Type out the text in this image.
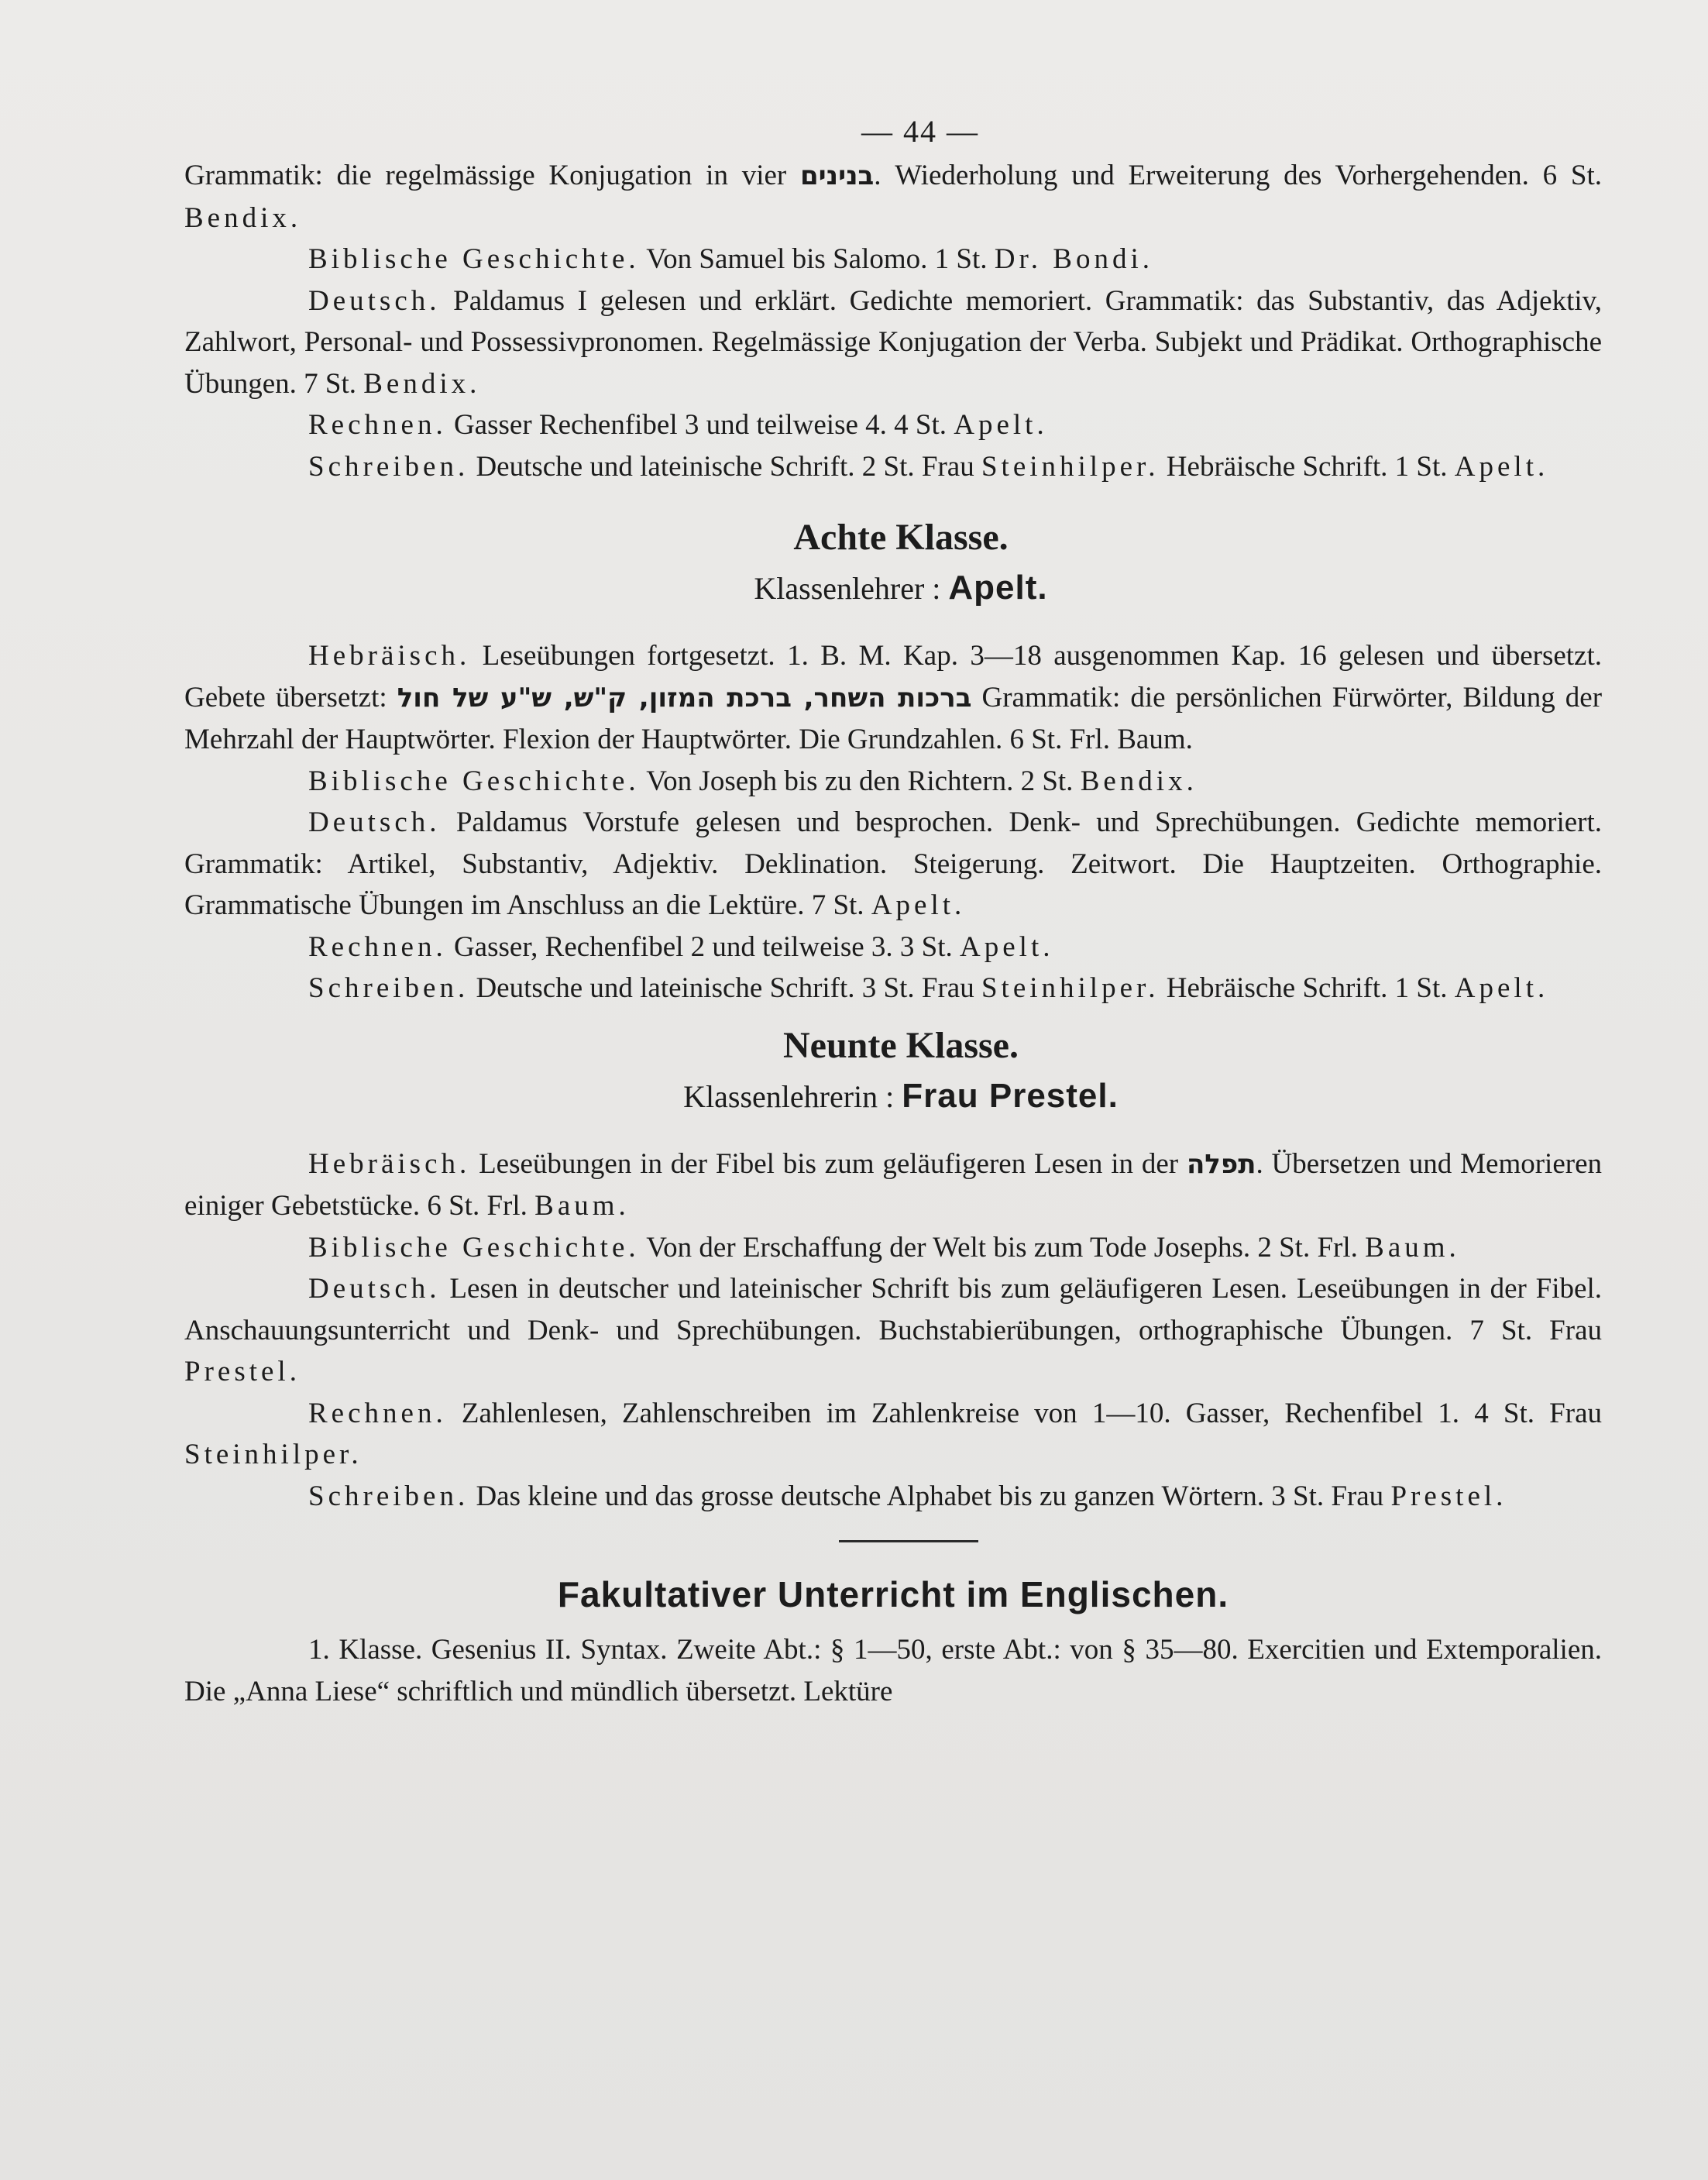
— 44 —

Grammatik: die regelmässige Konjugation in vier בנינים. Wiederholung und Erweiterung des Vorhergehenden. 6 St. Bendix.

Biblische Geschichte. Von Samuel bis Salomo. 1 St. Dr. Bondi.

Deutsch. Paldamus I gelesen und erklärt. Gedichte memoriert. Grammatik: das Substantiv, das Adjektiv, Zahlwort, Personal- und Possessivpronomen. Regelmässige Konjugation der Verba. Subjekt und Prädikat. Orthographische Übungen. 7 St. Bendix.

Rechnen. Gasser Rechenfibel 3 und teilweise 4. 4 St. Apelt.

Schreiben. Deutsche und lateinische Schrift. 2 St. Frau Steinhilper. Hebräische Schrift. 1 St. Apelt.

Achte Klasse.
Klassenlehrer : Apelt.

Hebräisch. Leseübungen fortgesetzt. 1. B. M. Kap. 3—18 ausgenommen Kap. 16 gelesen und übersetzt. Gebete übersetzt: ברכות השחר, ברכת המזון, ק"ש, ש"ע של חול Grammatik: die persönlichen Fürwörter, Bildung der Mehrzahl der Hauptwörter. Flexion der Hauptwörter. Die Grundzahlen. 6 St. Frl. Baum.

Biblische Geschichte. Von Joseph bis zu den Richtern. 2 St. Bendix.

Deutsch. Paldamus Vorstufe gelesen und besprochen. Denk- und Sprechübungen. Gedichte memoriert. Grammatik: Artikel, Substantiv, Adjektiv. Deklination. Steigerung. Zeitwort. Die Hauptzeiten. Orthographie. Grammatische Übungen im Anschluss an die Lektüre. 7 St. Apelt.

Rechnen. Gasser, Rechenfibel 2 und teilweise 3. 3 St. Apelt.

Schreiben. Deutsche und lateinische Schrift. 3 St. Frau Steinhilper. Hebräische Schrift. 1 St. Apelt.

Neunte Klasse.
Klassenlehrerin : Frau Prestel.

Hebräisch. Leseübungen in der Fibel bis zum geläufigeren Lesen in der תפלה. Übersetzen und Memorieren einiger Gebetstücke. 6 St. Frl. Baum.

Biblische Geschichte. Von der Erschaffung der Welt bis zum Tode Josephs. 2 St. Frl. Baum.

Deutsch. Lesen in deutscher und lateinischer Schrift bis zum geläufigeren Lesen. Leseübungen in der Fibel. Anschauungsunterricht und Denk- und Sprechübungen. Buchstabierübungen, orthographische Übungen. 7 St. Frau Prestel.

Rechnen. Zahlenlesen, Zahlenschreiben im Zahlenkreise von 1—10. Gasser, Rechenfibel 1. 4 St. Frau Steinhilper.

Schreiben. Das kleine und das grosse deutsche Alphabet bis zu ganzen Wörtern. 3 St. Frau Prestel.

Fakultativer Unterricht im Englischen.

1. Klasse. Gesenius II. Syntax. Zweite Abt.: § 1—50, erste Abt.: von § 35—80. Exercitien und Extemporalien. Die „Anna Liese“ schriftlich und mündlich übersetzt. Lektüre
